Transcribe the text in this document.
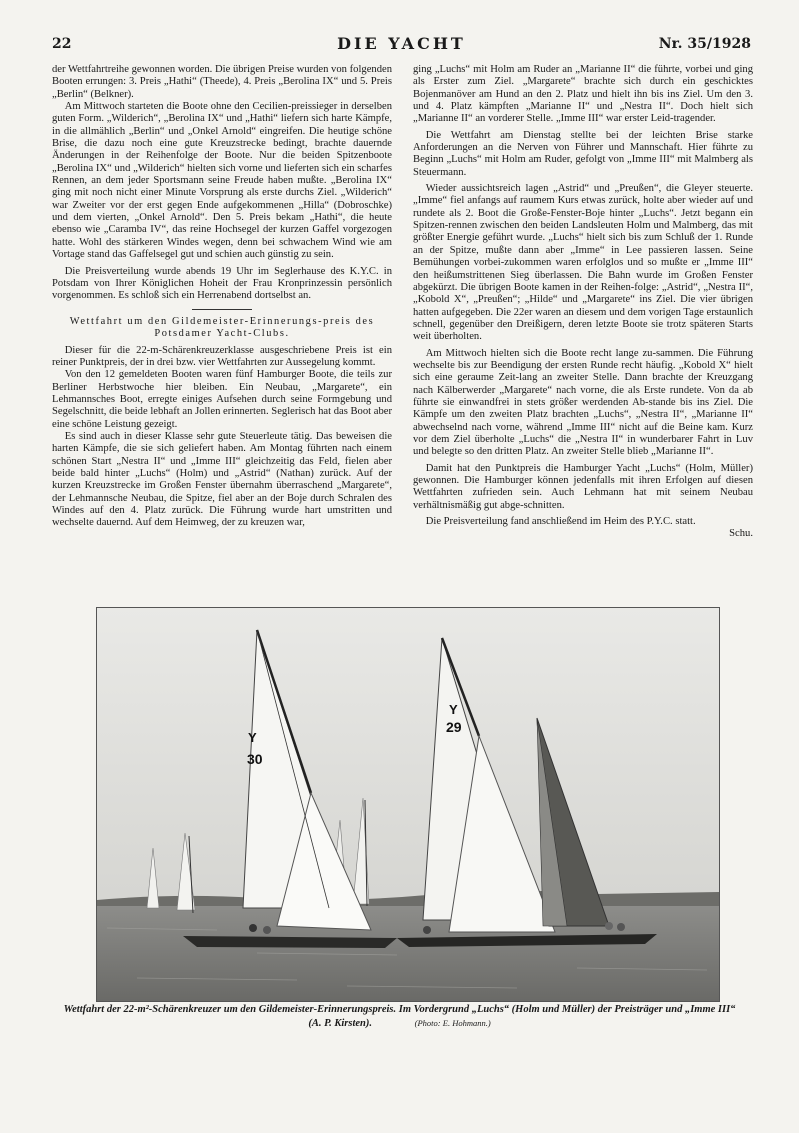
22	DIE YACHT	Nr. 35/1928

der Wettfahrtreihe gewonnen worden. Die übrigen Preise wurden von folgenden Booten errungen: 3. Preis „Hathi“ (Theede), 4. Preis „Berolina IX“ und 5. Preis „Berlin“ (Belkner).

Am Mittwoch starteten die Boote ohne den Cecilien-preissieger in derselben guten Form. „Wilderich“, „Berolina IX“ und „Hathi“ liefern sich harte Kämpfe, in die allmählich „Berlin“ und „Onkel Arnold“ eingreifen. Die heutige schöne Brise, die dazu noch eine gute Kreuzstrecke bedingt, brachte dauernde Änderungen in der Reihenfolge der Boote. Nur die beiden Spitzenboote „Berolina IX“ und „Wilderich“ hielten sich vorne und lieferten sich ein scharfes Rennen, an dem jeder Sportsmann seine Freude haben mußte. „Berolina IX“ ging mit noch nicht einer Minute Vorsprung als erste durchs Ziel. „Wilderich“ war Zweiter vor der erst gegen Ende aufgekommenen „Hilla“ (Dobroschke) und dem vierten, „Onkel Arnold“. Den 5. Preis bekam „Hathi“, die heute ebenso wie „Caramba IV“, das reine Hochsegel der kurzen Gaffel vorgezogen hatte. Wohl des stärkeren Windes wegen, denn bei schwachem Wind wie am Vortage stand das Gaffelsegel gut und schien auch günstig zu sein.

Die Preisverteilung wurde abends 19 Uhr im Seglerhause des K.Y.C. in Potsdam von Ihrer Königlichen Hoheit der Frau Kronprinzessin persönlich vorgenommen. Es schloß sich ein Herrenabend dortselbst an.

Wettfahrt um den Gildemeister-Erinnerungs-preis des Potsdamer Yacht-Clubs.

Dieser für die 22-m-Schärenkreuzerklasse ausgeschriebene Preis ist ein reiner Punktpreis, der in drei bzw. vier Wettfahrten zur Aussegelung kommt.

Von den 12 gemeldeten Booten waren fünf Hamburger Boote, die teils zur Berliner Herbstwoche hier bleiben. Ein Neubau, „Margarete“, ein Lehmannsches Boot, erregte einiges Aufsehen durch seine Formgebung und Segelschnitt, die beide lebhaft an Jollen erinnerten. Seglerisch hat das Boot aber eine schöne Leistung gezeigt.

Es sind auch in dieser Klasse sehr gute Steuerleute tätig. Das beweisen die harten Kämpfe, die sie sich geliefert haben. Am Montag führten nach einem schönen Start „Nestra II“ und „Imme III“ gleichzeitig das Feld, fielen aber beide bald hinter „Luchs“ (Holm) und „Astrid“ (Nathan) zurück. Auf der kurzen Kreuzstrecke im Großen Fenster übernahm überraschend „Margarete“, der Lehmannsche Neubau, die Spitze, fiel aber an der Boje durch Schralen des Windes auf den 4. Platz zurück. Die Führung wurde hart umstritten und wechselte dauernd. Auf dem Heimweg, der zu kreuzen war,

ging „Luchs“ mit Holm am Ruder an „Marianne II“ die führte, vorbei und ging als Erster zum Ziel. „Margarete“ brachte sich durch ein geschicktes Bojenmanöver am Hund an den 2. Platz und hielt ihn bis ins Ziel. Um den 3. und 4. Platz kämpften „Marianne II“ und „Nestra II“. Doch hielt sich „Marianne II“ an vorderer Stelle. „Imme III“ war erster Leid-tragender.

Die Wettfahrt am Dienstag stellte bei der leichten Brise starke Anforderungen an die Nerven von Führer und Mannschaft. Hier führte zu Beginn „Luchs“ mit Holm am Ruder, gefolgt von „Imme III“ mit Malmberg als Steuermann.

Wieder aussichtsreich lagen „Astrid“ und „Preußen“, die Gleyer steuerte. „Imme“ fiel anfangs auf raumem Kurs etwas zurück, holte aber wieder auf und rundete als 2. Boot die Große-Fenster-Boje hinter „Luchs“. Jetzt begann ein Spitzen-rennen zwischen den beiden Landsleuten Holm und Malmberg, das mit größter Energie geführt wurde. „Luchs“ hielt sich bis zum Schluß der 1. Runde an der Spitze, mußte dann aber „Imme“ in Lee passieren lassen. Seine Bemühungen vorbei-zukommen waren erfolglos und so mußte er „Imme III“ den heißumstrittenen Sieg überlassen. Die Bahn wurde im Großen Fenster abgekürzt. Die übrigen Boote kamen in der Reihen-folge: „Astrid“, „Nestra II“, „Kobold X“, „Preußen“; „Hilde“ und „Margarete“ ins Ziel. Die vier übrigen hatten aufgegeben. Die 22er waren an diesem und dem vorigen Tage erstaunlich schnell, gegenüber den Dreißigern, deren letzte Boote sie trotz späteren Starts weit überholten.

Am Mittwoch hielten sich die Boote recht lange zu-sammen. Die Führung wechselte bis zur Beendigung der ersten Runde recht häufig. „Kobold X“ hielt sich eine geraume Zeit-lang an zweiter Stelle. Dann brachte der Kreuzgang nach Kälberwerder „Margarete“ nach vorne, die als Erste rundete. Von da ab führte sie einwandfrei in stets größer werdenden Ab-stande bis ins Ziel. Die Kämpfe um den zweiten Platz brachten „Luchs“, „Nestra II“, „Marianne II“ abwechselnd nach vorne, während „Imme III“ nicht auf die Beine kam. Kurz vor dem Ziel überholte „Luchs“ die „Nestra II“ in wunderbarer Fahrt in Luv und belegte so den dritten Platz. An zweiter Stelle blieb „Marianne II“.

Damit hat den Punktpreis die Hamburger Yacht „Luchs“ (Holm, Müller) gewonnen. Die Hamburger können jedenfalls mit ihren Erfolgen auf diesen Wettfahrten zufrieden sein. Auch Lehmann hat mit seinem Neubau verhältnismäßig gut abge-schnitten.

Die Preisverteilung fand anschließend im Heim des P.Y.C. statt.

Schu.
Y
30
Y
29
Wettfahrt der 22-m²-Schärenkreuzer um den Gildemeister-Erinnerungspreis. Im Vordergrund „Luchs“ (Holm und Müller) der Preisträger und „Imme III“ (A. P. Kirsten).	(Photo: E. Hohmann.)
